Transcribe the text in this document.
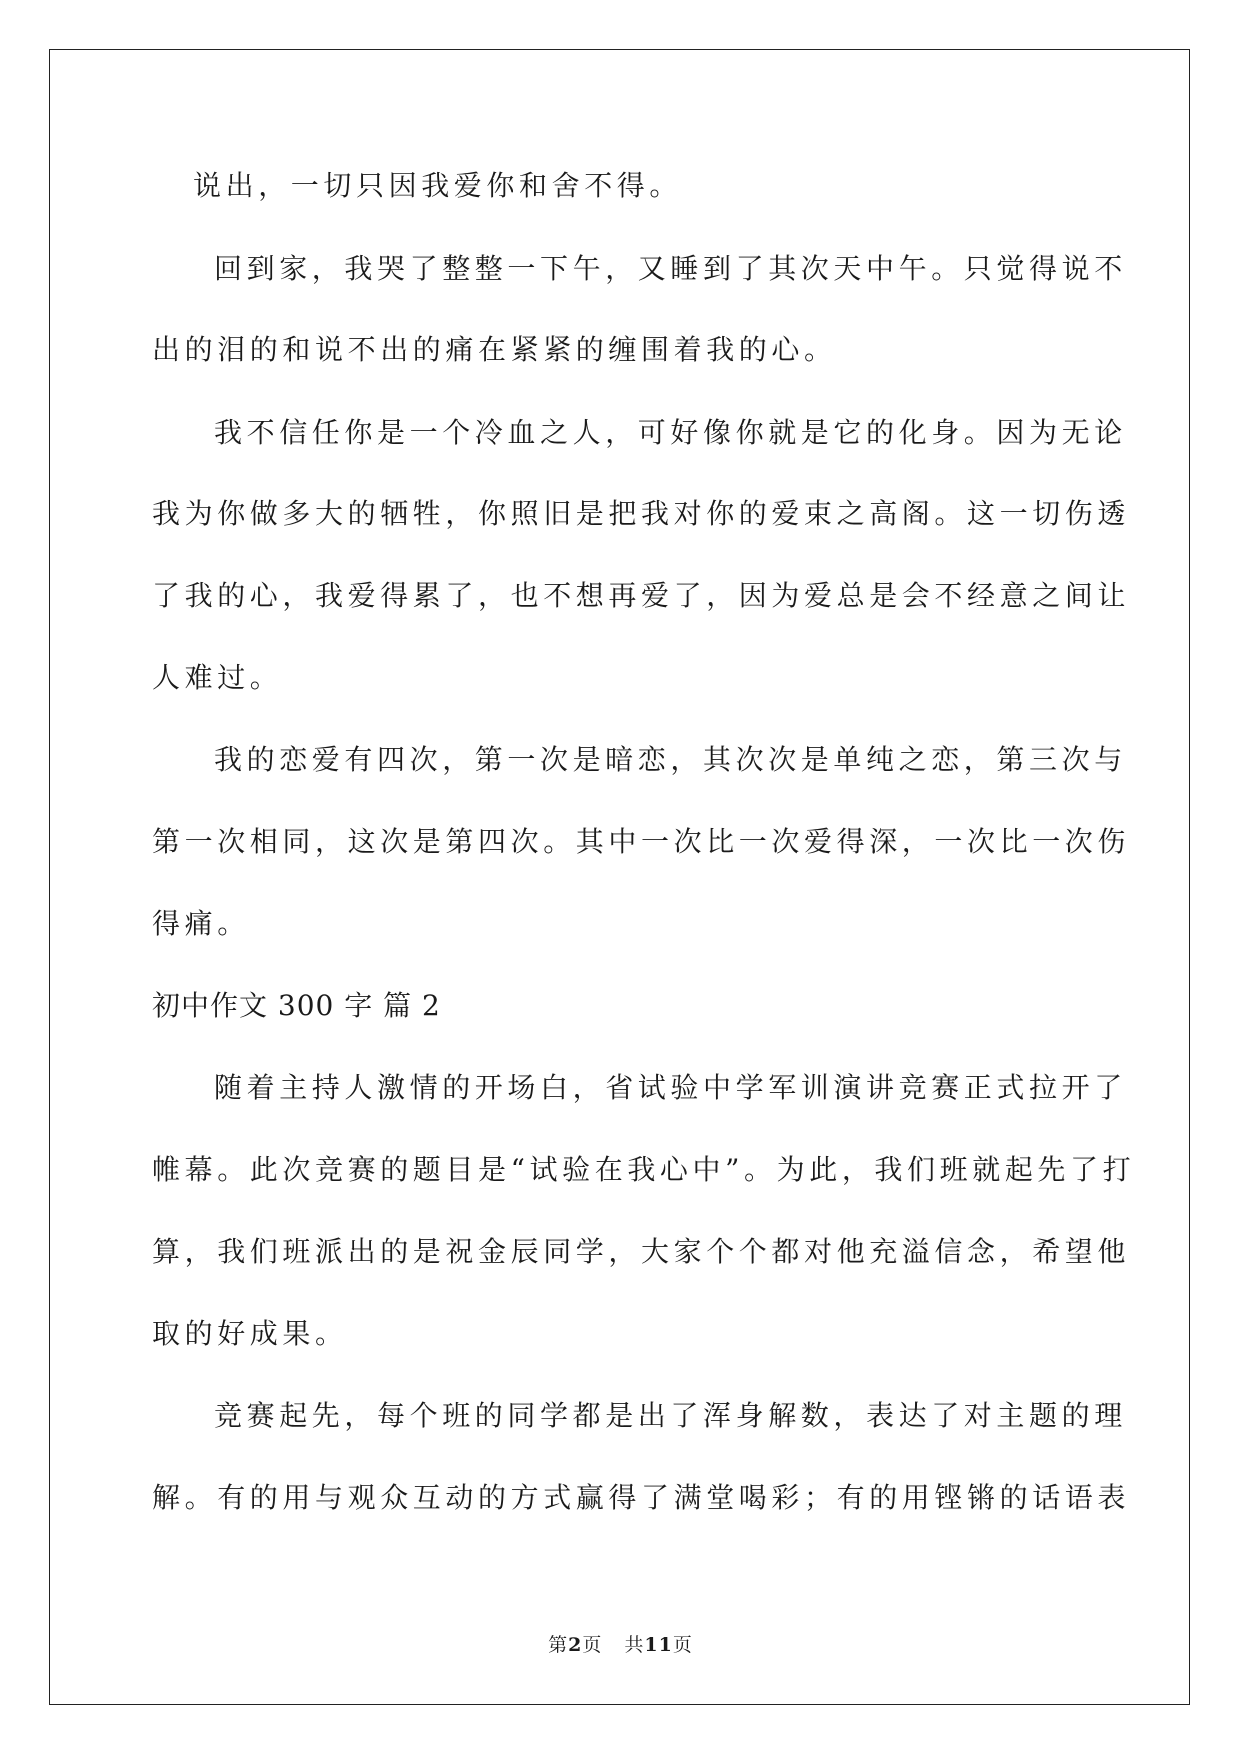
说出，一切只因我爱你和舍不得。
回到家，我哭了整整一下午，又睡到了其次天中午。只觉得说不
出的泪的和说不出的痛在紧紧的缠围着我的心。
我不信任你是一个冷血之人，可好像你就是它的化身。因为无论
我为你做多大的牺牲，你照旧是把我对你的爱束之高阁。这一切伤透
了我的心，我爱得累了，也不想再爱了，因为爱总是会不经意之间让
人难过。
我的恋爱有四次，第一次是暗恋，其次次是单纯之恋，第三次与
第一次相同，这次是第四次。其中一次比一次爱得深，一次比一次伤
得痛。
初中作文 300 字 篇 2
随着主持人激情的开场白，省试验中学军训演讲竞赛正式拉开了
帷幕。此次竞赛的题目是“试验在我心中”。为此，我们班就起先了打
算，我们班派出的是祝金辰同学，大家个个都对他充溢信念，希望他
取的好成果。
竞赛起先，每个班的同学都是出了浑身解数，表达了对主题的理
解。有的用与观众互动的方式赢得了满堂喝彩；有的用铿锵的话语表
第2页 共11页
